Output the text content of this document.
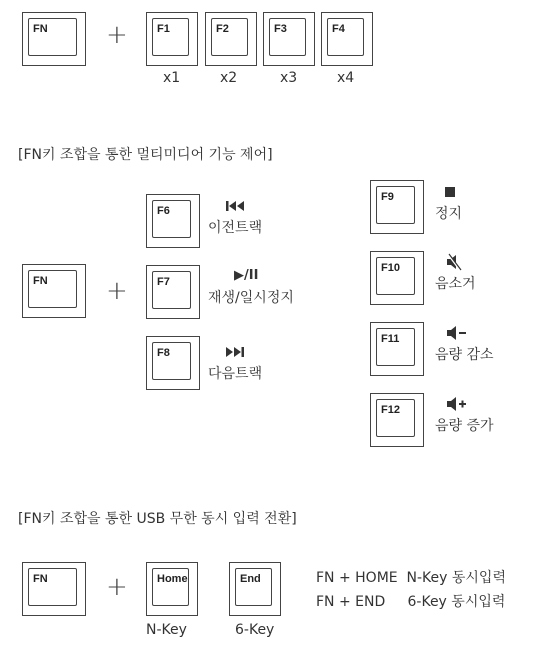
FN +	F1	F2	F3	F4
x1	x2	x3	x4
[FN키 조합을 통한 멀티미디어 기능 제어]
FN +
F6
이전트랙
F7	▶/II
재생/일시정지
F8
다음트랙
F9
정지
F10
음소거
F11
음량 감소
F12
음량 증가
[FN키 조합을 통한 USB 무한 동시 입력 전환]
FN +	Home	End
N-Key	6-Key
FN + HOME  N-Key 동시입력
FN + END     6-Key 동시입력
